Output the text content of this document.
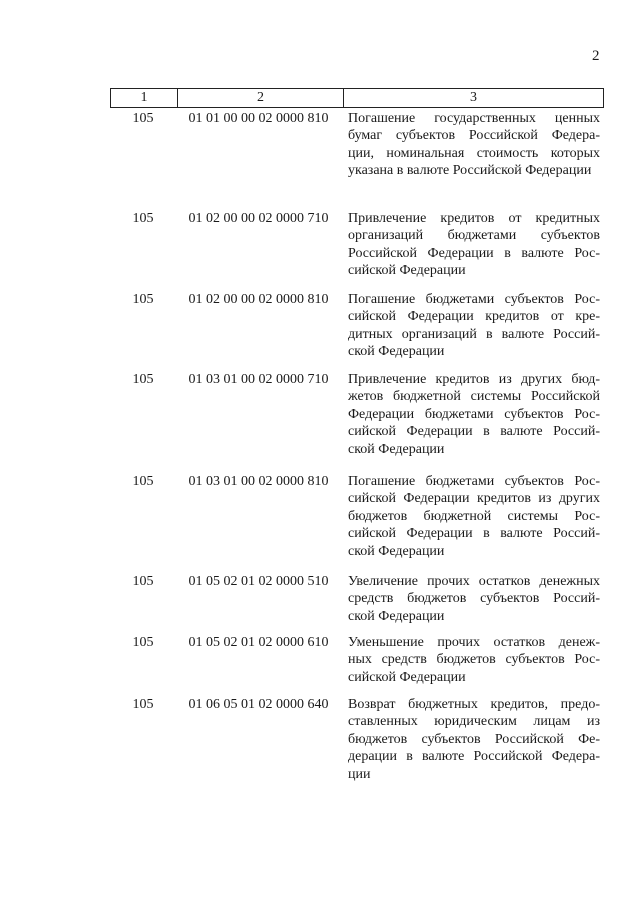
2
1	2	3
105	01 01 00 00 02 0000 810	Погашение государственных ценных
бумаг субъектов Российской Федера-
ции, номинальная стоимость которых
указана в валюте Российской Федерации
105	01 02 00 00 02 0000 710	Привлечение кредитов от кредитных
организаций бюджетами субъектов
Российской Федерации в валюте Рос-
сийской Федерации
105	01 02 00 00 02 0000 810	Погашение бюджетами субъектов Рос-
сийской Федерации кредитов от кре-
дитных организаций в валюте Россий-
ской Федерации
105	01 03 01 00 02 0000 710	Привлечение кредитов из других бюд-
жетов бюджетной системы Российской
Федерации бюджетами субъектов Рос-
сийской Федерации в валюте Россий-
ской Федерации
105	01 03 01 00 02 0000 810	Погашение бюджетами субъектов Рос-
сийской Федерации кредитов из других
бюджетов бюджетной системы Рос-
сийской Федерации в валюте Россий-
ской Федерации
105	01 05 02 01 02 0000 510	Увеличение прочих остатков денежных
средств бюджетов субъектов Россий-
ской Федерации
105	01 05 02 01 02 0000 610	Уменьшение прочих остатков денеж-
ных средств бюджетов субъектов Рос-
сийской Федерации
105	01 06 05 01 02 0000 640	Возврат бюджетных кредитов, предо-
ставленных юридическим лицам из
бюджетов субъектов Российской Фе-
дерации в валюте Российской Федера-
ции
